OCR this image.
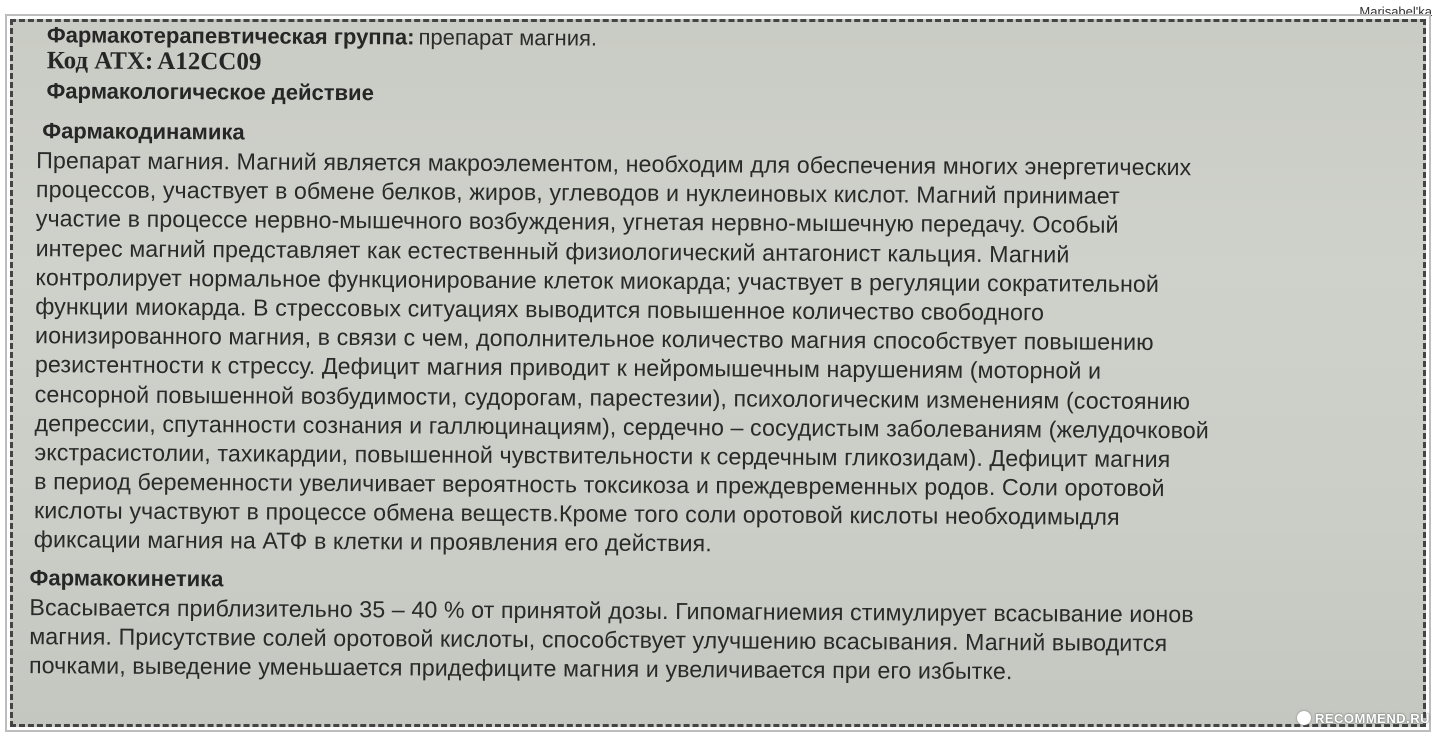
Marisabel'ka
Фармакотерапевтическая группа: препарат магния.
Код АТХ: A12CC09
Фармакологическое действие
Фармакодинамика
Препарат магния. Магний является макроэлементом, необходим для обеспечения многих энергетических
процессов, участвует в обмене белков, жиров, углеводов и нуклеиновых кислот. Магний принимает
участие в процессе нервно-мышечного возбуждения, угнетая нервно-мышечную передачу. Особый
интерес магний представляет как естественный физиологический антагонист кальция. Магний
контролирует нормальное функционирование клеток миокарда; участвует в регуляции сократительной
функции миокарда. В стрессовых ситуациях выводится повышенное количество свободного
ионизированного магния, в связи с чем, дополнительное количество магния способствует повышению
резистентности к стрессу. Дефицит магния приводит к нейромышечным нарушениям (моторной и
сенсорной повышенной возбудимости, судорогам, парестезии), психологическим изменениям (состоянию
депрессии, спутанности сознания и галлюцинациям), сердечно – сосудистым заболеваниям (желудочковой
экстрасистолии, тахикардии, повышенной чувствительности к сердечным гликозидам). Дефицит магния
в период беременности увеличивает вероятность токсикоза и преждевременных родов. Соли оротовой
кислоты участвуют в процессе обмена веществ.Кроме того соли оротовой кислоты необходимыдля
фиксации магния на АТФ в клетки и проявления его действия.
Фармакокинетика
Всасывается приблизительно 35 – 40 % от принятой дозы. Гипомагниемия стимулирует всасывание ионов
магния. Присутствие солей оротовой кислоты, способствует улучшению всасывания. Магний выводится
почками, выведение уменьшается придефиците магния и увеличивается при его избытке.
RECOMMEND.RU
